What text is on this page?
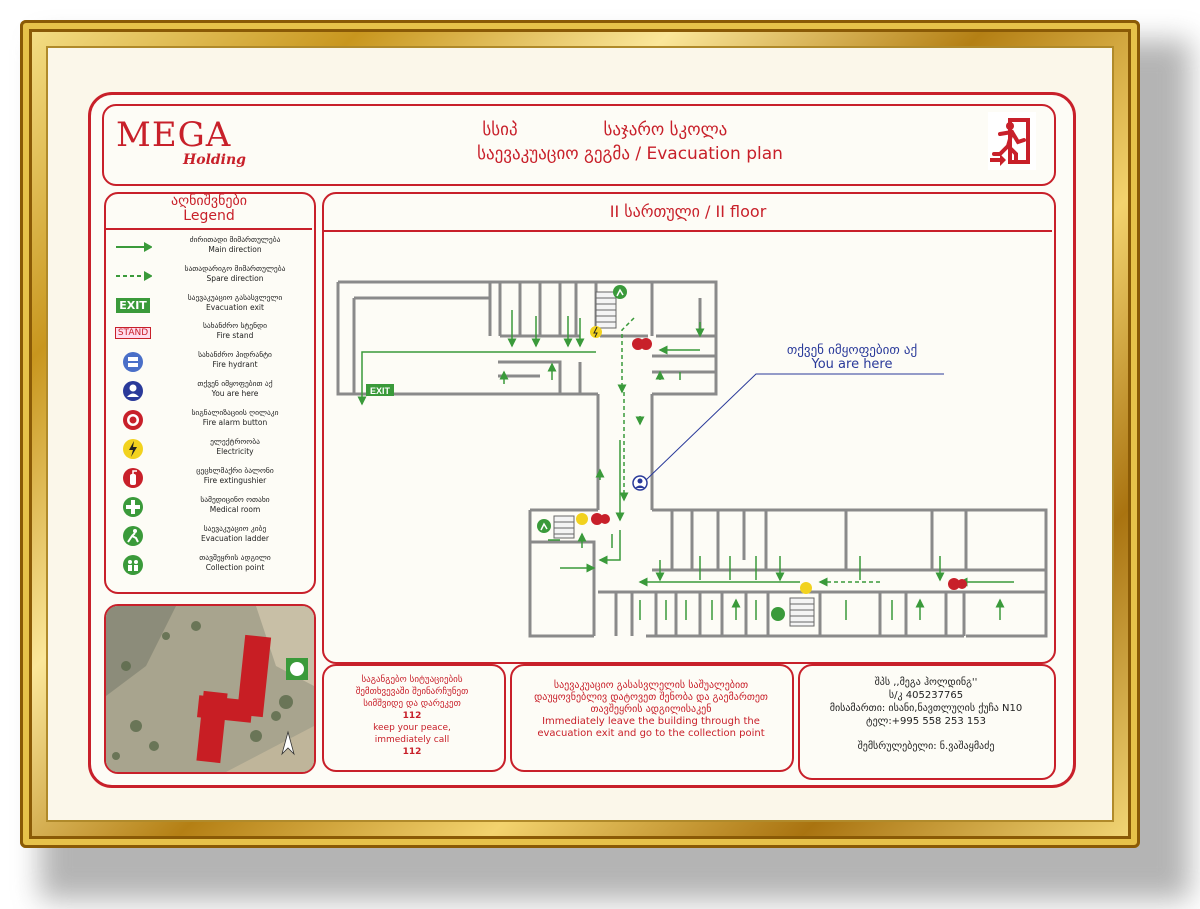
MEGA
Holding
სსიპ	საჯარო სკოლა
საევაკუაციო გეგმა / Evacuation plan
აღნიშვნები
Legend
ძირითადი მიმართულება
Main direction
სათადარიგო მიმართულება
Spare direction
EXIT
საევაკუაციო გასასვლელი
Evacuation exit
STAND
სახანძრო სტენდი
Fire stand
სახანძრო ჰიდრანტი
Fire hydrant
თქვენ იმყოფებით აქ
You are here
სიგნალიზაციის ღილაკი
Fire alarm button
ელექტროობა
Electricity
ცეცხლმაქრი ბალონი
Fire extingushier
სამედიცინო ოთახი
Medical room
საევაკუაციო კიბე
Evacuation ladder
თავშეყრის ადგილი
Collection point
II სართული / II floor
EXIT
თქვენ იმყოფებით აქ
You are here
საგანგებო სიტუაციების შემთხვევაში შეინარჩუნეთ სიმშვიდე და დარეკეთ
112
keep your peace, immediately call
112
საევაკუაციო გასასვლელის საშუალებით დაუყოვნებლივ დატოვეთ შენობა და გაემართეთ თავშეყრის ადგილისაკენ
Immediately leave the building through the evacuation exit and go to the collection point
შპს ,,მეგა ჰოლდინგ''
ს/კ 405237765
მისამართი: ისანი,ნავთლუღის ქუჩა N10
ტელ:+995 558 253 153
შემსრულებელი: ნ.ვაშაყმაძე
